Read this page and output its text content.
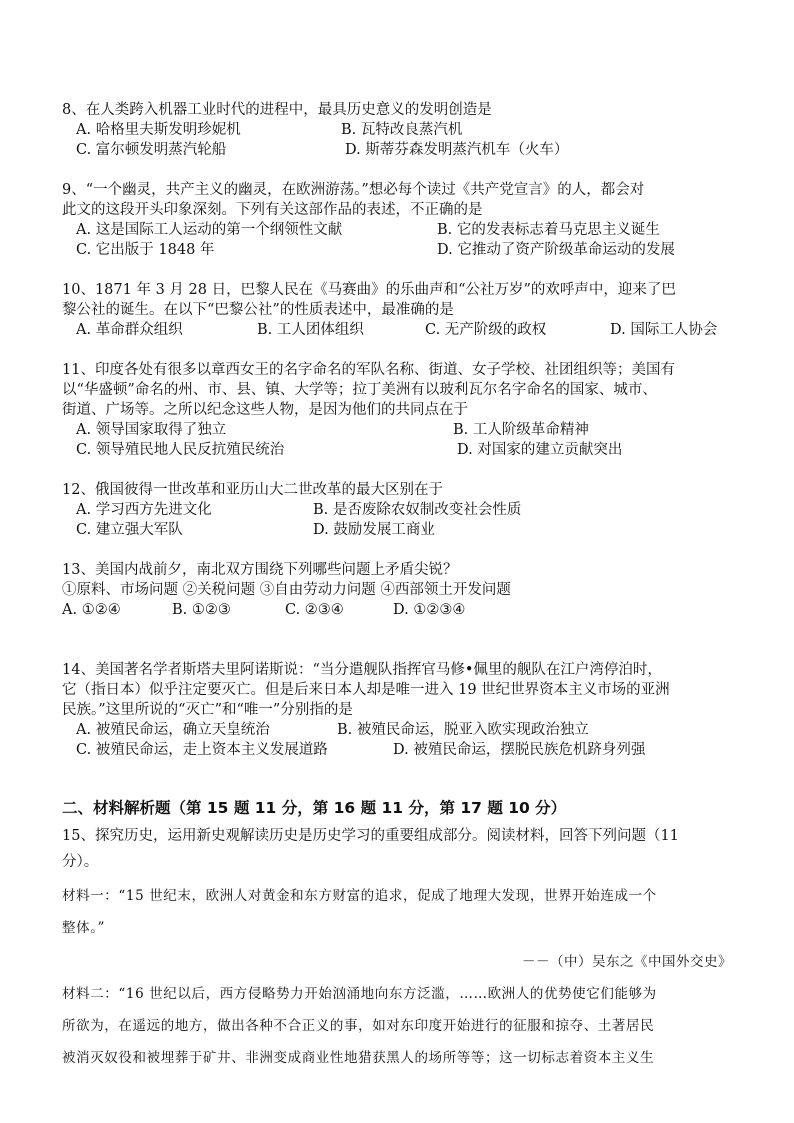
8、在人类跨入机器工业时代的进程中，最具历史意义的发明创造是
A. 哈格里夫斯发明珍妮机	B. 瓦特改良蒸汽机
C. 富尔顿发明蒸汽轮船	D. 斯蒂芬森发明蒸汽机车（火车）
9、“一个幽灵，共产主义的幽灵，在欧洲游荡。”想必每个读过《共产党宣言》的人，都会对
此文的这段开头印象深刻。下列有关这部作品的表述，不正确的是
A. 这是国际工人运动的第一个纲领性文献	B. 它的发表标志着马克思主义诞生
C. 它出版于 1848 年	D. 它推动了资产阶级革命运动的发展
10、1871 年 3 月 28 日，巴黎人民在《马赛曲》的乐曲声和“公社万岁”的欢呼声中，迎来了巴
黎公社的诞生。在以下“巴黎公社”的性质表述中，最准确的是
A. 革命群众组织	B. 工人团体组织	C. 无产阶级的政权	D. 国际工人协会
11、印度各处有很多以章西女王的名字命名的军队名称、街道、女子学校、社团组织等；美国有
以“华盛顿”命名的州、市、县、镇、大学等；拉丁美洲有以玻利瓦尔名字命名的国家、城市、
街道、广场等。之所以纪念这些人物，是因为他们的共同点在于
A. 领导国家取得了独立	B. 工人阶级革命精神
C. 领导殖民地人民反抗殖民统治	D. 对国家的建立贡献突出
12、俄国彼得一世改革和亚历山大二世改革的最大区别在于
A. 学习西方先进文化	B. 是否废除农奴制改变社会性质
C. 建立强大军队	D. 鼓励发展工商业
13、美国内战前夕，南北双方围绕下列哪些问题上矛盾尖锐？
①原料、市场问题 ②关税问题 ③自由劳动力问题 ④西部领土开发问题
A. ①②④	B. ①②③	C. ②③④	D. ①②③④
14、美国著名学者斯塔夫里阿诺斯说：“当分遣舰队指挥官马修•佩里的舰队在江户湾停泊时，
它（指日本）似乎注定要灭亡。但是后来日本人却是唯一进入 19 世纪世界资本主义市场的亚洲
民族。”这里所说的“灭亡”和“唯一”分别指的是
A. 被殖民命运，确立天皇统治	B. 被殖民命运，脱亚入欧实现政治独立
C. 被殖民命运，走上资本主义发展道路	D. 被殖民命运，摆脱民族危机跻身列强
二、材料解析题（第 15 题 11 分，第 16 题 11 分，第 17 题 10 分）
15、探究历史，运用新史观解读历史是历史学习的重要组成部分。阅读材料，回答下列问题（11
分）。
材料一：“15 世纪末，欧洲人对黄金和东方财富的追求，促成了地理大发现，世界开始连成一个
整体。”
－－（中）吴东之《中国外交史》
材料二：“16 世纪以后，西方侵略势力开始汹涌地向东方泛滥，……欧洲人的优势使它们能够为
所欲为，在遥远的地方，做出各种不合正义的事，如对东印度开始进行的征服和掠夺、土著居民
被消灭奴役和被埋葬于矿井、非洲变成商业性地猎获黑人的场所等等；这一切标志着资本主义生
